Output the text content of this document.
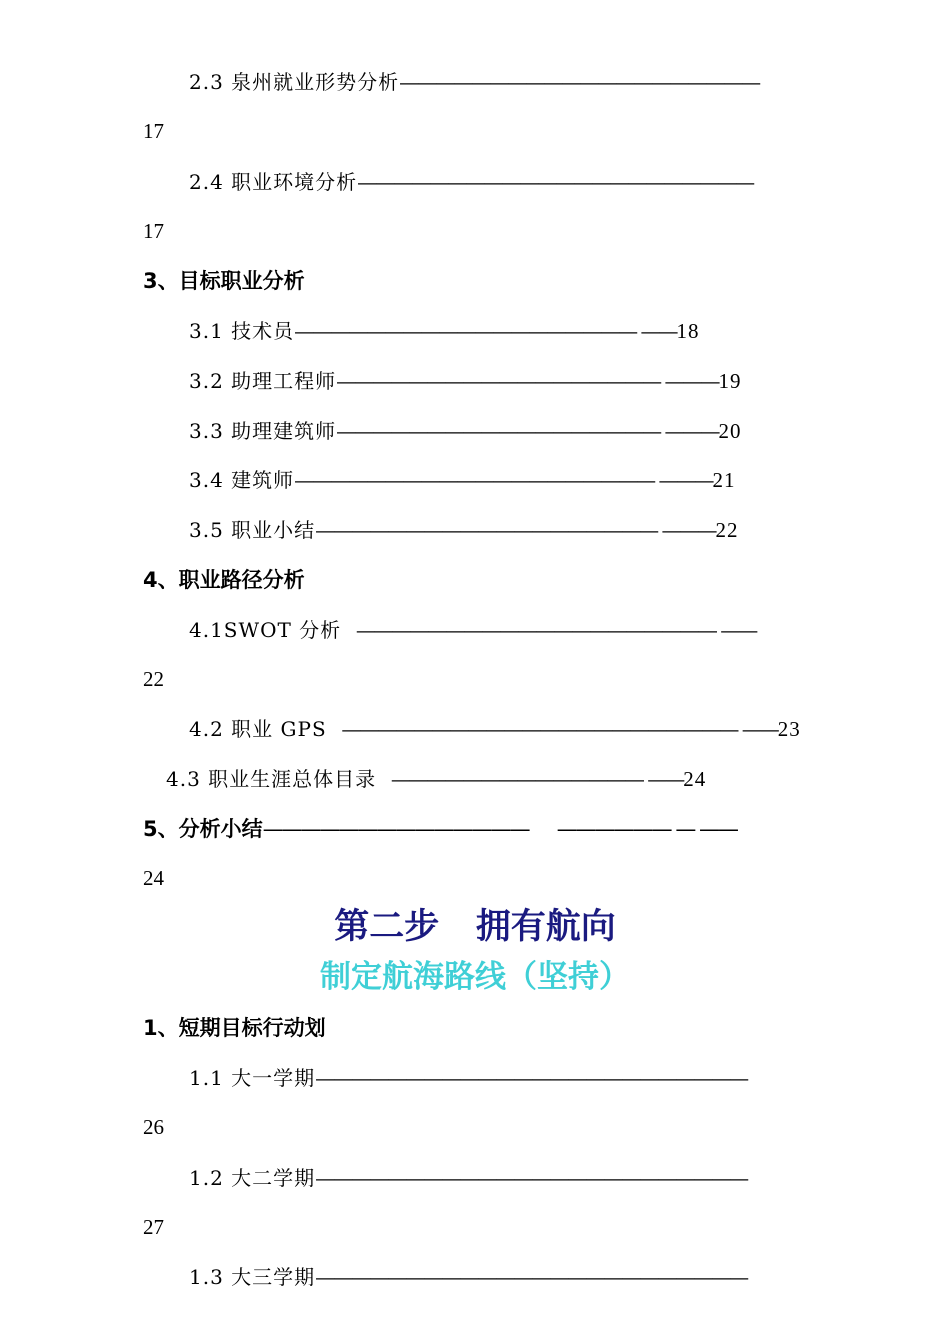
2.3 泉州就业形势分析————————————————————
17
2.4 职业环境分析——————————————————————
17
3、目标职业分析
3.1 技术员——————————————————— ——18
3.2 助理工程师—————————————————— ———19
3.3 助理建筑师—————————————————— ———20
3.4 建筑师———————————————————— ———21
3.5 职业小结——————————————————— ———22
4、职业路径分析
4.1SWOT 分析 ———————————————————— ——
22
4.2 职业 GPS —————————————————————— ——23
4.3 职业生涯总体目录 —————————————— ——24
5、分析小结——————————————      —————— — ——
24
第二步   拥有航向
制定航海路线（坚持）
1、短期目标行动划
1.1 大一学期————————————————————————
26
1.2 大二学期————————————————————————
27
1.3 大三学期————————————————————————
